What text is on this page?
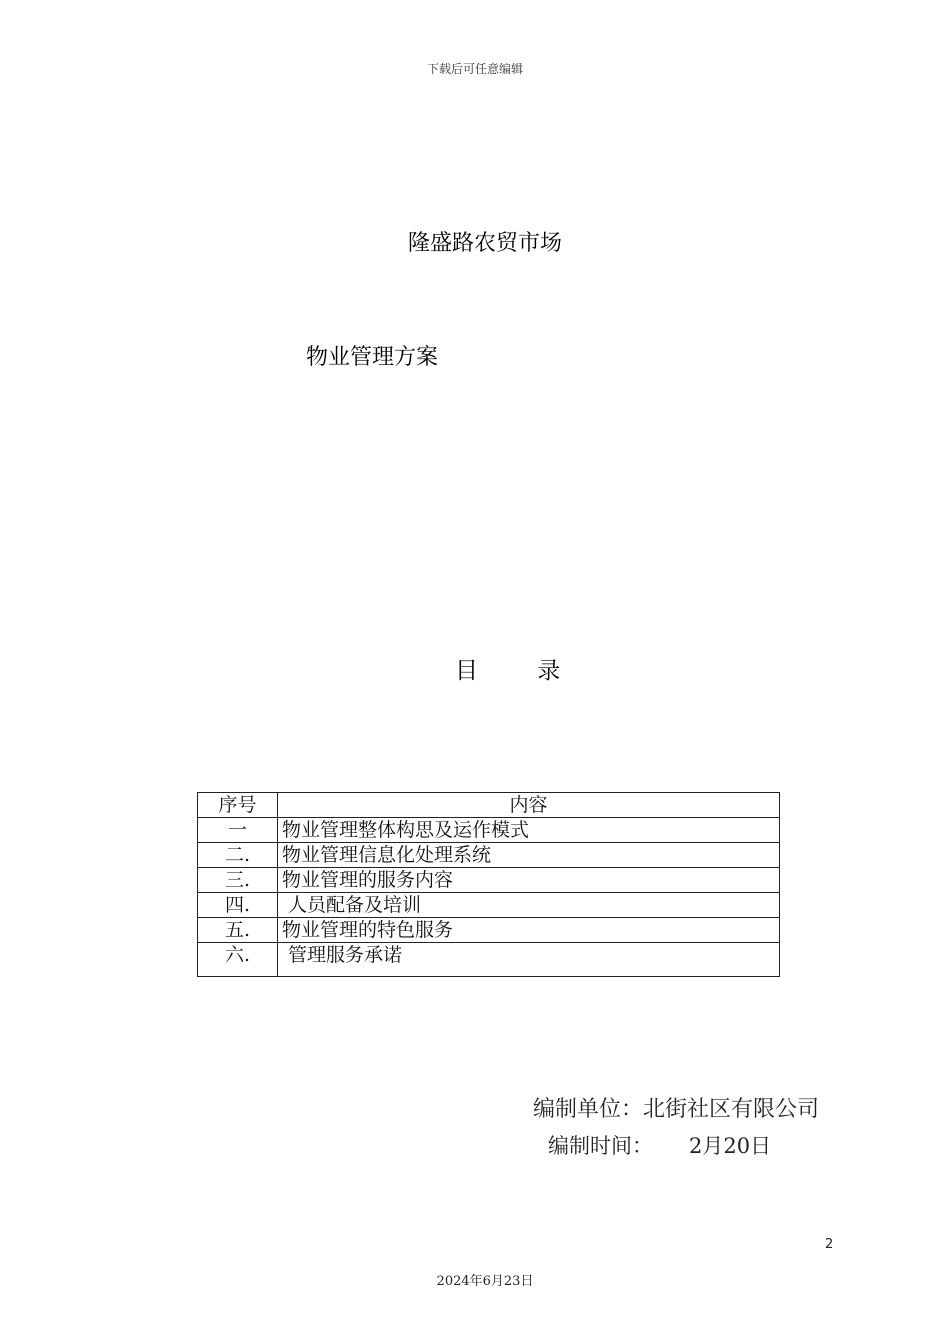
下载后可任意编辑
隆盛路农贸市场
物业管理方案
目 录
序号	内容
一	物业管理整体构思及运作模式
二.	物业管理信息化处理系统
三.	物业管理的服务内容
四.	人员配备及培训
五.	物业管理的特色服务
六.	管理服务承诺
编制单位：北街社区有限公司
编制时间： 2月20日
2
2024年6月23日
